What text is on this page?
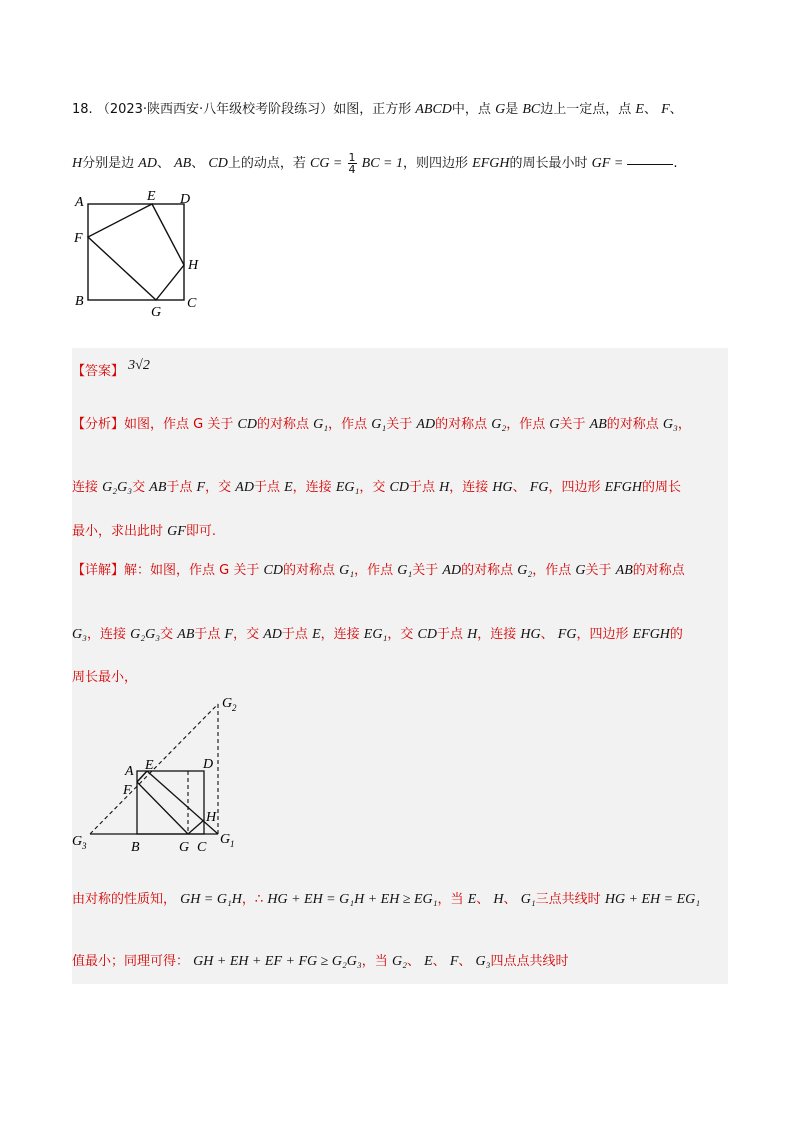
18. （2023·陕西西安·八年级校考阶段练习）如图，正方形 ABCD中，点 G是 BC边上一定点，点 E、 F、
H分别是边 AD、 AB、 CD上的动点，若 CG = $\frac{1}{4}$ BC = 1，则四边形 EFGH的周长最小时 GF =	.
A	E D
F
H
B
G
C
【答案】 3√2
【分析】如图，作点 G 关于 CD的对称点 G₁，作点 G₁关于 AD的对称点 G₂，作点 G关于 AB的对称点 G₃，
连接 G₂G₃交 AB于点 F，交 AD于点 E，连接 EG₁，交 CD于点 H，连接 HG、 FG，四边形 EFGH的周长
最小，求出此时 GF即可.
【详解】解：如图，作点 G 关于 CD的对称点 G₁，作点 G₁关于 AD的对称点 G₂，作点 G关于 AB的对称点
G₃，连接 G₂G₃交 AB于点 F，交 AD于点 E，连接 EG₁，交 CD于点 H，连接 HG、 FG，四边形 EFGH的
周长最小，
G 2
A E	D
F
H
G 3	B	G C
G 1
由对称的性质知， GH = G₁H，∴ HG + EH = G₁H + EH ≥ EG₁，当 E、 H、 G₁三点共线时 HG + EH = EG₁
值最小；同理可得： GH + EH + EF + FG ≥ G₂G₃，当 G₂、 E、 F、 G₃四点点共线时
